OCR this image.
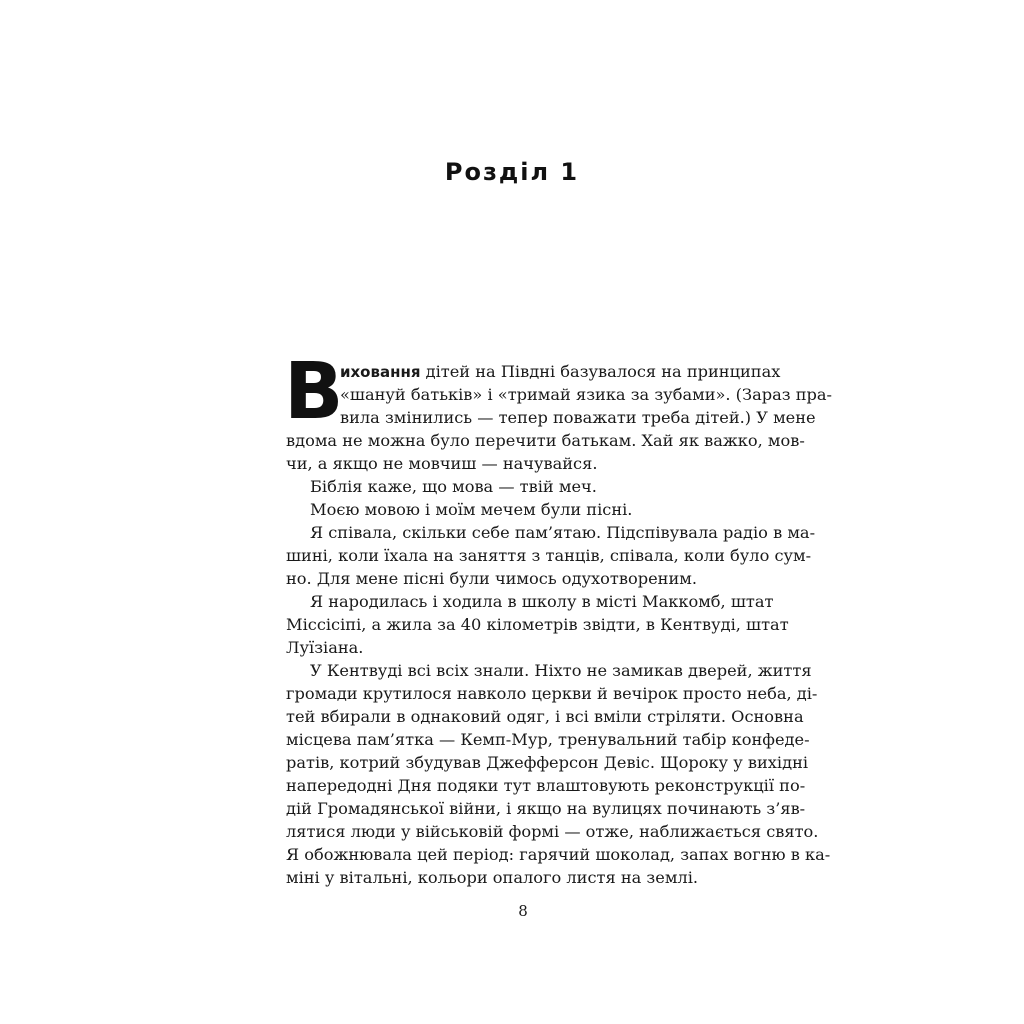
Розділ 1
В
иховання дітей на Півдні базувалося на принципах
«шануй батьків» і «тримай язика за зубами». (Зараз пра-
вила змінились — тепер поважати треба дітей.) У мене
вдома не можна було перечити батькам. Хай як важко, мов-
чи, а якщо не мовчиш — начувайся.
Біблія каже, що мова — твій меч.
Моєю мовою і моїм мечем були пісні.
Я співала, скільки себе пам’ятаю. Підспівувала радіо в ма-
шині, коли їхала на заняття з танців, співала, коли було сум-
но. Для мене пісні були чимось одухотвореним.
Я народилась і ходила в школу в місті Маккомб, штат
Міссісіпі, а жила за 40 кілометрів звідти, в Кентвуді, штат
Луїзіана.
У Кентвуді всі всіх знали. Ніхто не замикав дверей, життя
громади крутилося навколо церкви й вечірок просто неба, ді-
тей вбирали в однаковий одяг, і всі вміли стріляти. Основна
місцева пам’ятка — Кемп-Мур, тренувальний табір конфеде-
ратів, котрий збудував Джефферсон Девіс. Щороку у вихідні
напередодні Дня подяки тут влаштовують реконструкції по-
дій Громадянської війни, і якщо на вулицях починають з’яв-
лятися люди у військовій формі — отже, наближається свято.
Я обожнювала цей період: гарячий шоколад, запах вогню в ка-
міні у вітальні, кольори опалого листя на землі.
8
